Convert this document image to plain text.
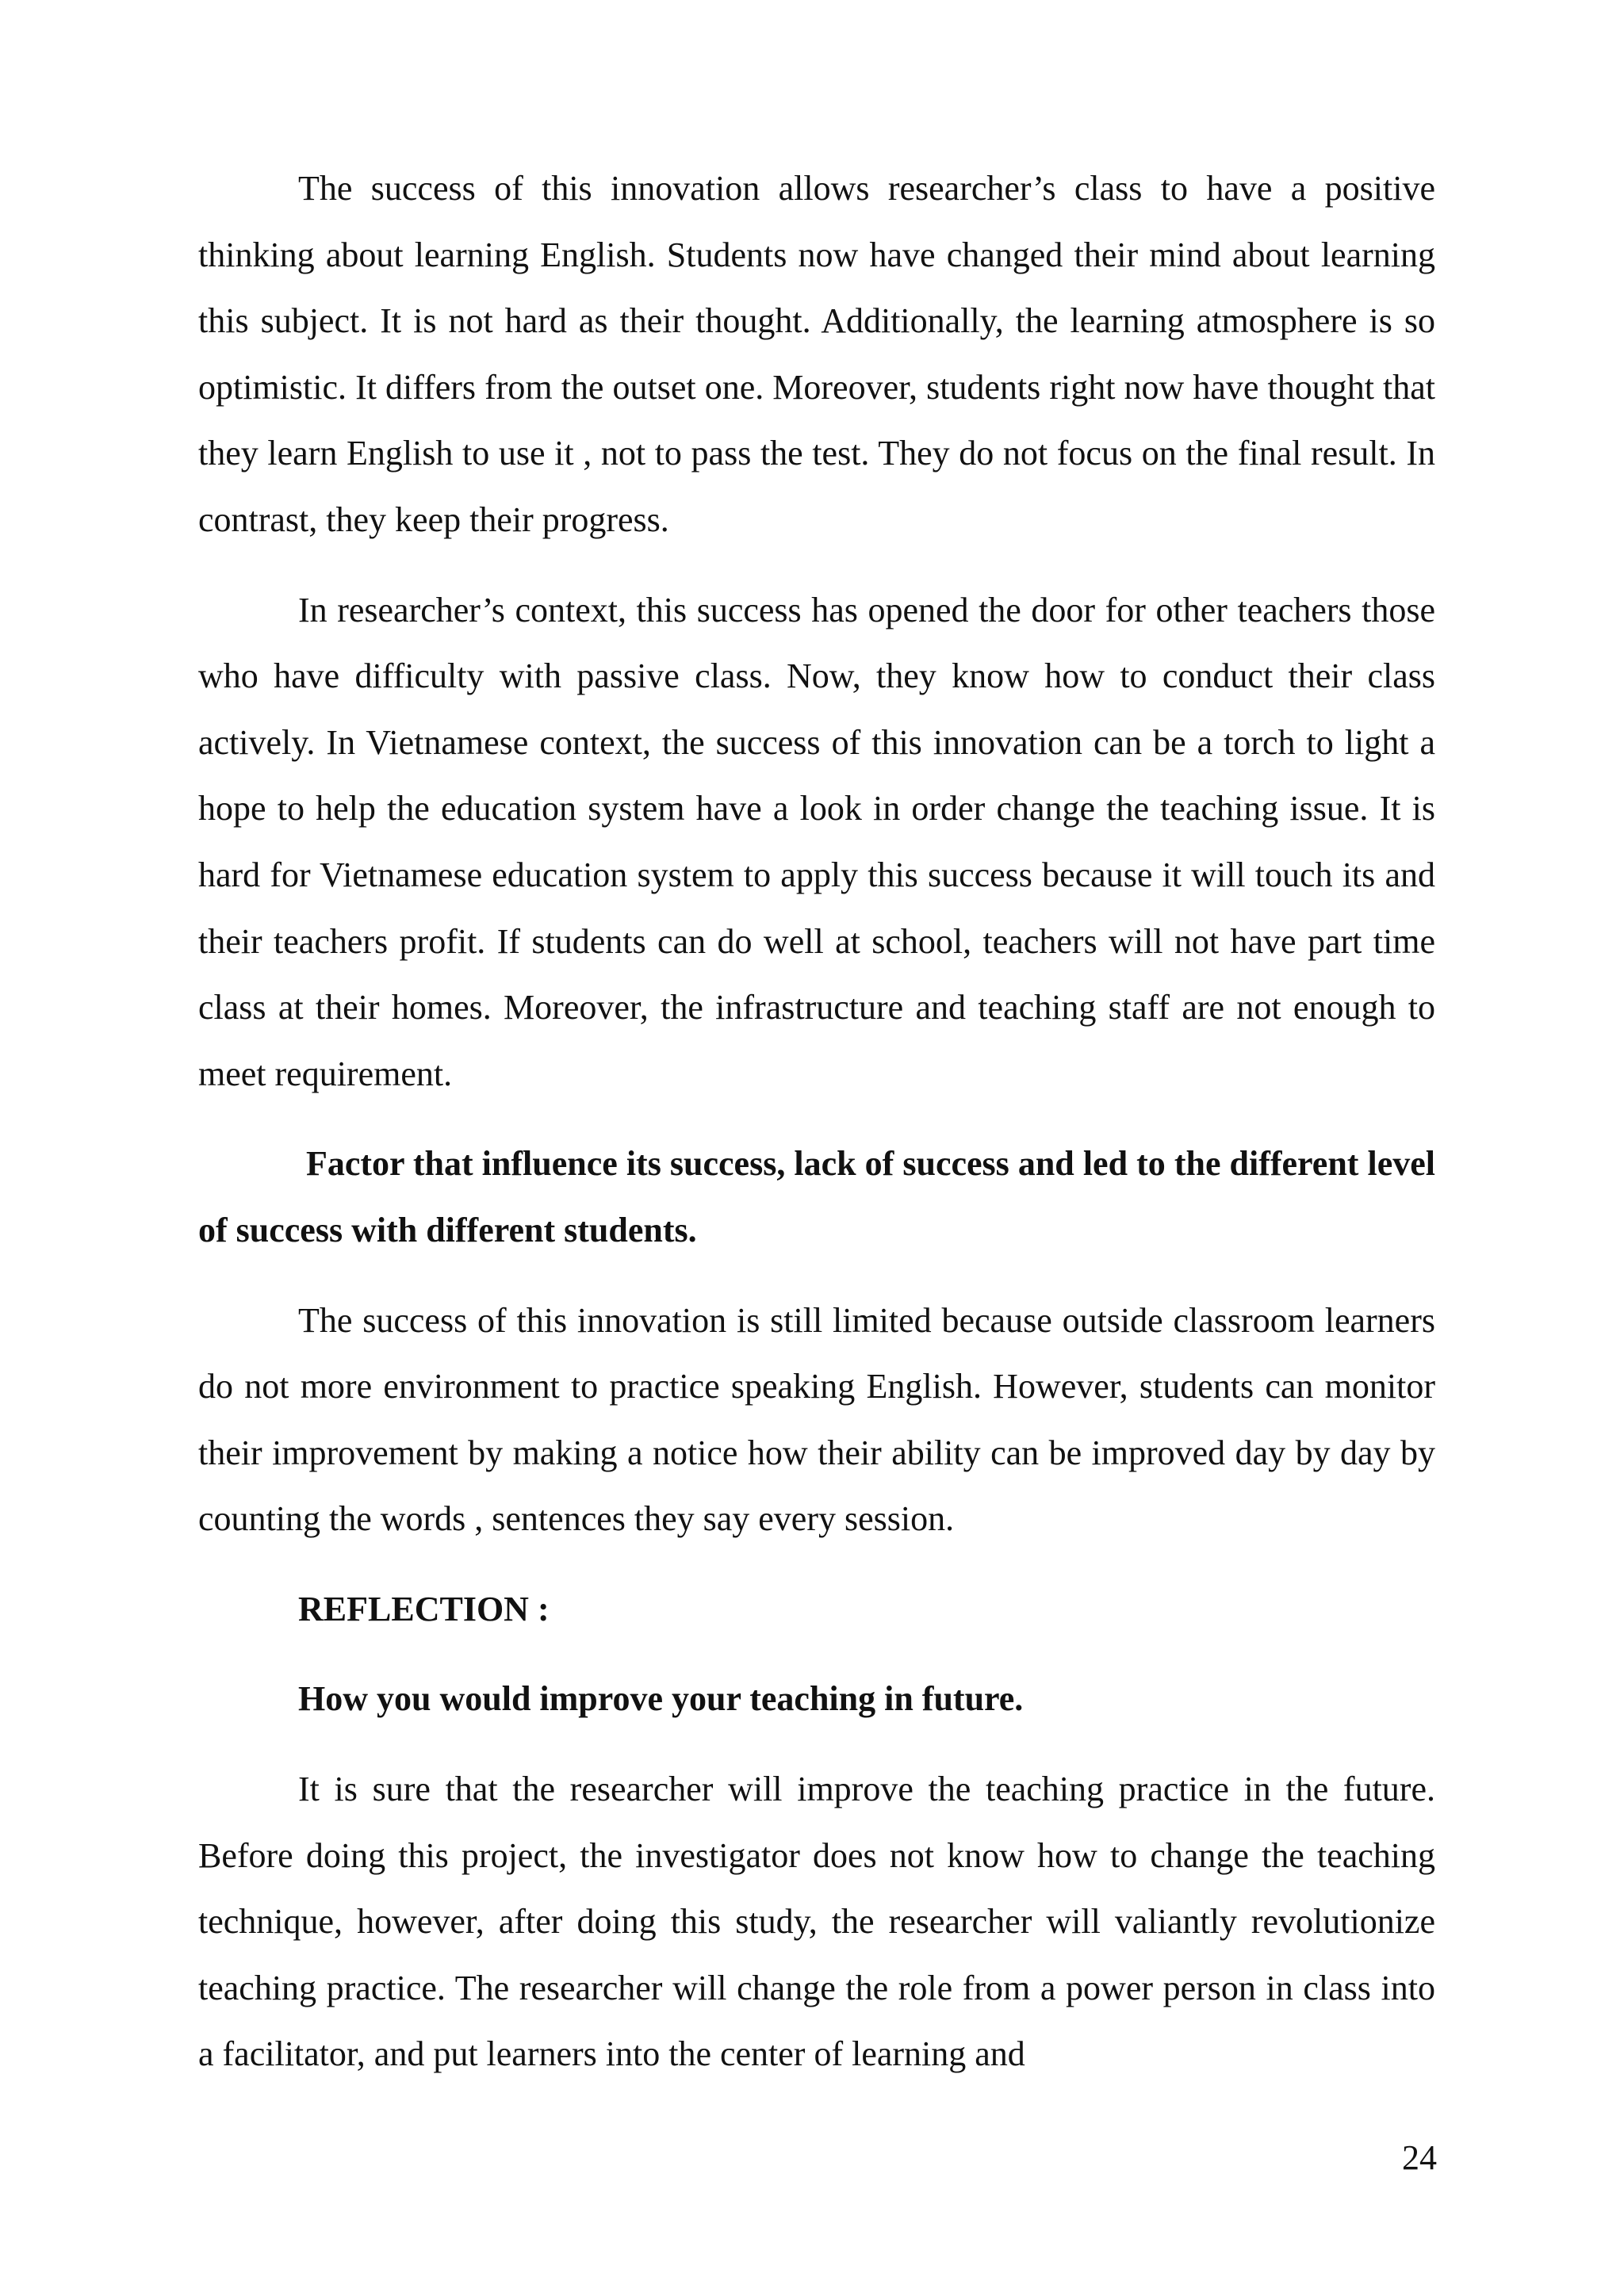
The success of this innovation allows researcher’s class to have a positive thinking about learning English. Students now have changed their mind about learning this subject. It is not hard as their thought. Additionally, the learning atmosphere is so optimistic. It differs from the outset one. Moreover, students right now have thought that they learn English to use it , not to pass the test. They do not focus on the final result. In contrast, they keep their progress.

In researcher’s context, this success has opened the door for other teachers those who have difficulty with passive class. Now, they know how to conduct their class actively. In Vietnamese context, the success of this innovation can be a torch to light a hope to help the education system have a look in order change the teaching issue. It is hard for Vietnamese education system to apply this success because it will touch its and their teachers profit. If students can do well at school, teachers will not have part time class at their homes. Moreover, the infrastructure and teaching staff are not enough to meet requirement.

Factor that influence its success, lack of success and led to the different level of success with different students.

The success of this innovation is still limited because outside classroom learners do not more environment to practice speaking English. However, students can monitor their improvement by making a notice how their ability can be improved day by day by counting the words , sentences they say every session.

REFLECTION :
How you would improve your teaching in future.

It is sure that the researcher will improve the teaching practice in the future. Before doing this project, the investigator does not know how to change the teaching technique, however, after doing this study, the researcher will valiantly revolutionize teaching practice. The researcher will change the role from a power person in class into a facilitator, and put learners into the center of learning and

24
